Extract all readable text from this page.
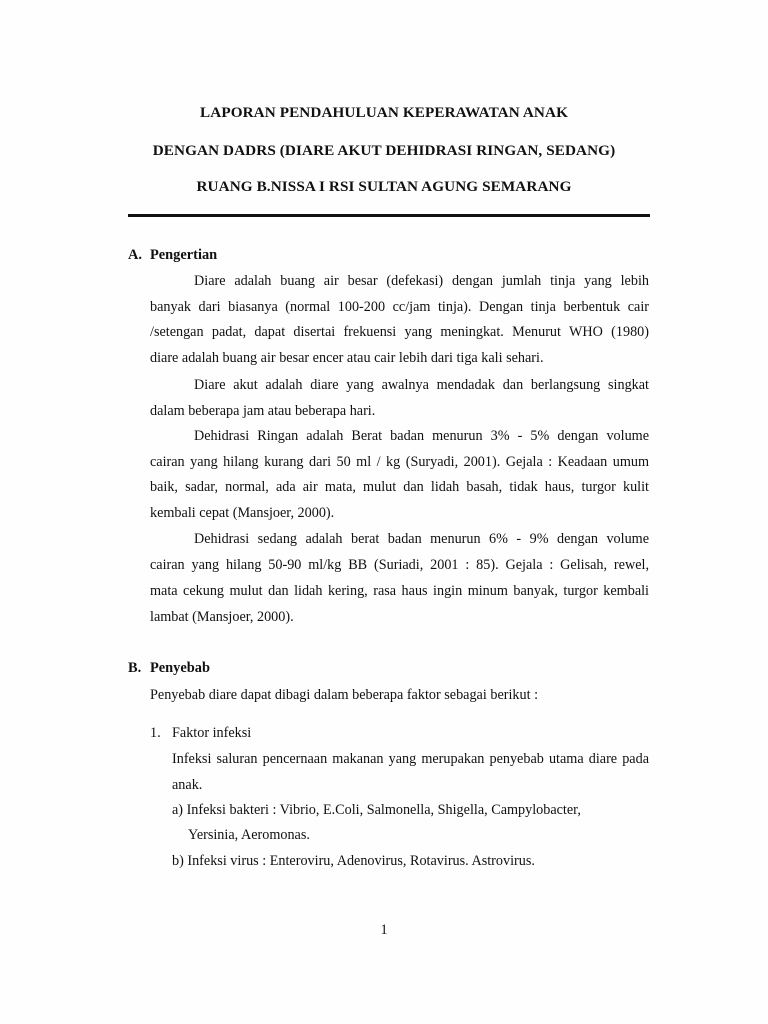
LAPORAN PENDAHULUAN KEPERAWATAN ANAK
DENGAN DADRS (DIARE AKUT DEHIDRASI RINGAN, SEDANG)
RUANG B.NISSA I RSI SULTAN AGUNG SEMARANG
A. Pengertian
Diare adalah buang air besar (defekasi) dengan jumlah tinja yang lebih
banyak dari biasanya (normal 100-200 cc/jam tinja). Dengan tinja berbentuk cair
/setengan padat, dapat disertai frekuensi yang meningkat. Menurut WHO (1980)
diare adalah buang air besar encer atau cair lebih dari tiga kali sehari.
Diare akut adalah diare yang awalnya mendadak dan berlangsung singkat
dalam beberapa jam atau beberapa hari.
Dehidrasi Ringan adalah Berat badan menurun 3% - 5% dengan volume
cairan yang hilang kurang dari 50 ml / kg (Suryadi, 2001). Gejala : Keadaan umum
baik, sadar, normal, ada air mata, mulut dan lidah basah, tidak haus, turgor kulit
kembali cepat (Mansjoer, 2000).
Dehidrasi sedang adalah berat badan menurun 6% - 9% dengan volume
cairan yang hilang 50-90 ml/kg BB (Suriadi, 2001 : 85). Gejala : Gelisah, rewel,
mata cekung mulut dan lidah kering, rasa haus ingin minum banyak, turgor kembali
lambat (Mansjoer, 2000).
B. Penyebab
Penyebab diare dapat dibagi dalam beberapa faktor sebagai berikut :
1. Faktor infeksi
Infeksi saluran pencernaan makanan yang merupakan penyebab utama diare pada
anak.
a) Infeksi bakteri : Vibrio, E.Coli, Salmonella, Shigella, Campylobacter,
Yersinia, Aeromonas.
b) Infeksi virus : Enteroviru, Adenovirus, Rotavirus. Astrovirus.
1
